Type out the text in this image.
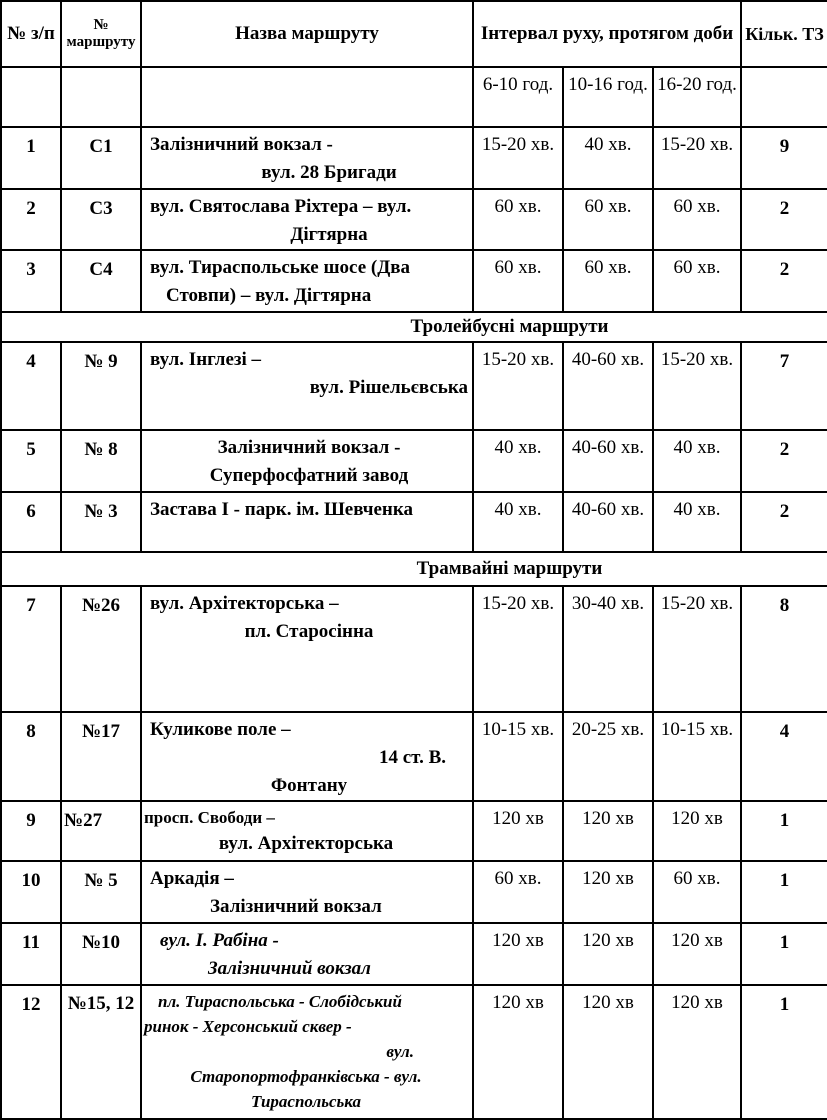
№ з/п	№ маршруту	Назва маршруту	Інтервал руху, протягом доби			Кільк. ТЗ
			6-10 год.	10-16 год.	16-20 год.	
1	С1	Залізничний вокзал -
вул. 28 Бригади	15-20 хв.	40 хв.	15-20 хв.	9
2	С3	вул. Святослава Ріхтера – вул.
Дігтярна	60 хв.	60 хв.	60 хв.	2
3	С4	вул. Тираспольське шосе (Два
Стовпи) – вул. Дігтярна	60 хв.	60 хв.	60 хв.	2
Тролейбусні маршрути						
4	№ 9	вул. Інглезі –
вул. Рішельєвська	15-20 хв.	40-60 хв.	15-20 хв.	7
5	№ 8	Залізничний вокзал -
Суперфосфатний завод	40 хв.	40-60 хв.	40 хв.	2
6	№ 3	Застава І - парк. ім. Шевченка	40 хв.	40-60 хв.	40 хв.	2
Трамвайні маршрути						
7	№26	вул. Архітекторська –
пл. Старосінна	15-20 хв.	30-40 хв.	15-20 хв.	8
8	№17	Куликове поле –
14 ст. В.
Фонтану	10-15 хв.	20-25 хв.	10-15 хв.	4
9	№27	просп. Свободи –
вул. Архітекторська	120 хв	120 хв	120 хв	1
10	№ 5	Аркадія –
Залізничний вокзал	60 хв.	120 хв	60 хв.	1
11	№10	вул. І. Рабіна -
Залізничний вокзал	120 хв	120 хв	120 хв	1
12	№15, 12	пл. Тираспольська - Слобідський
ринок - Херсонський сквер -
вул.
Старопортофранківська - вул.
Тираспольська	120 хв	120 хв	120 хв	1
